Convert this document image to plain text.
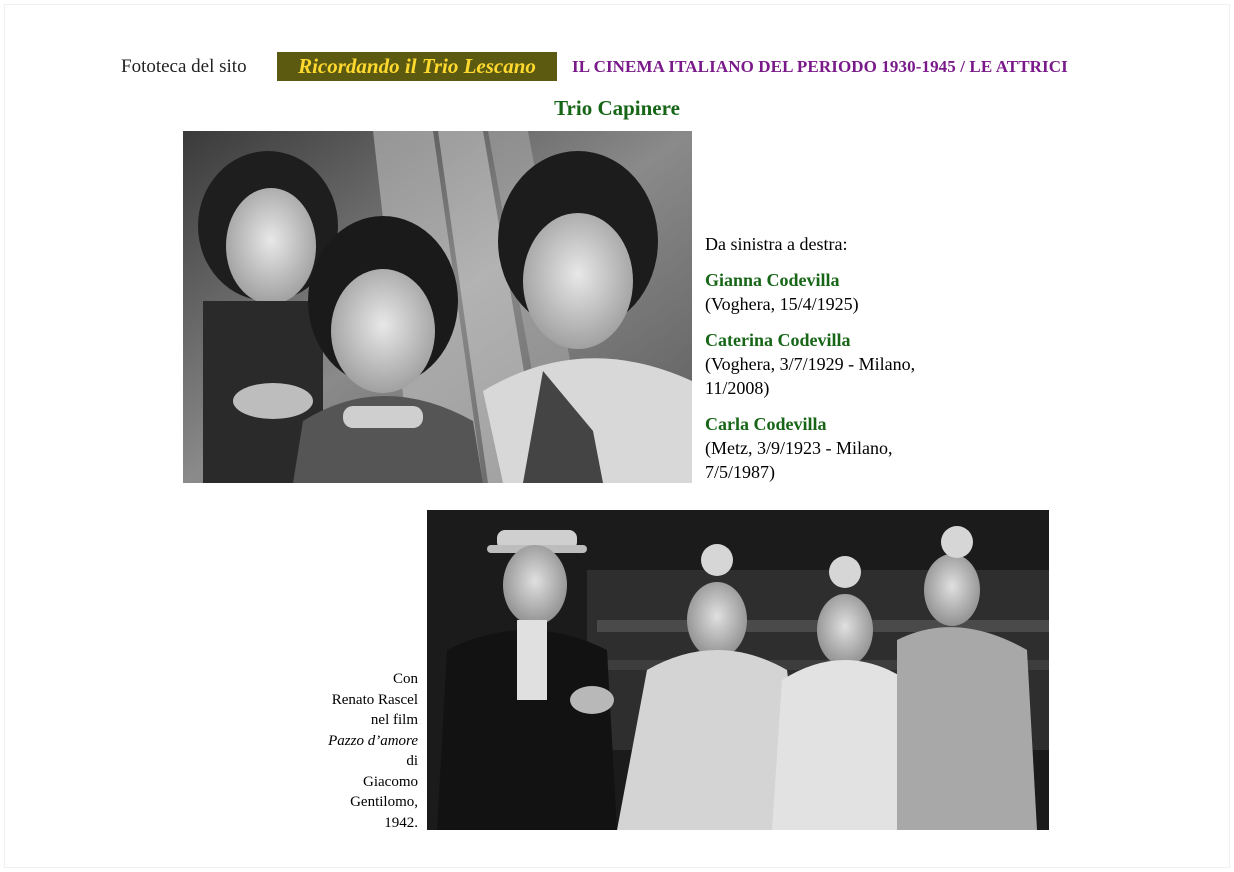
Fototeca del sito	Ricordando il Trio Lescano	IL CINEMA ITALIANO DEL PERIODO 1930-1945 / LE ATTRICI
Trio Capinere

Da sinistra a destra:

Gianna Codevilla
(Voghera, 15/4/1925)

Caterina Codevilla
(Voghera, 3/7/1929 - Milano, 11/2008)

Carla Codevilla
(Metz, 3/9/1923 - Milano, 7/5/1987)

Con
Renato Rascel
nel film
Pazzo d’amore
di
Giacomo
Gentilomo,
1942.
